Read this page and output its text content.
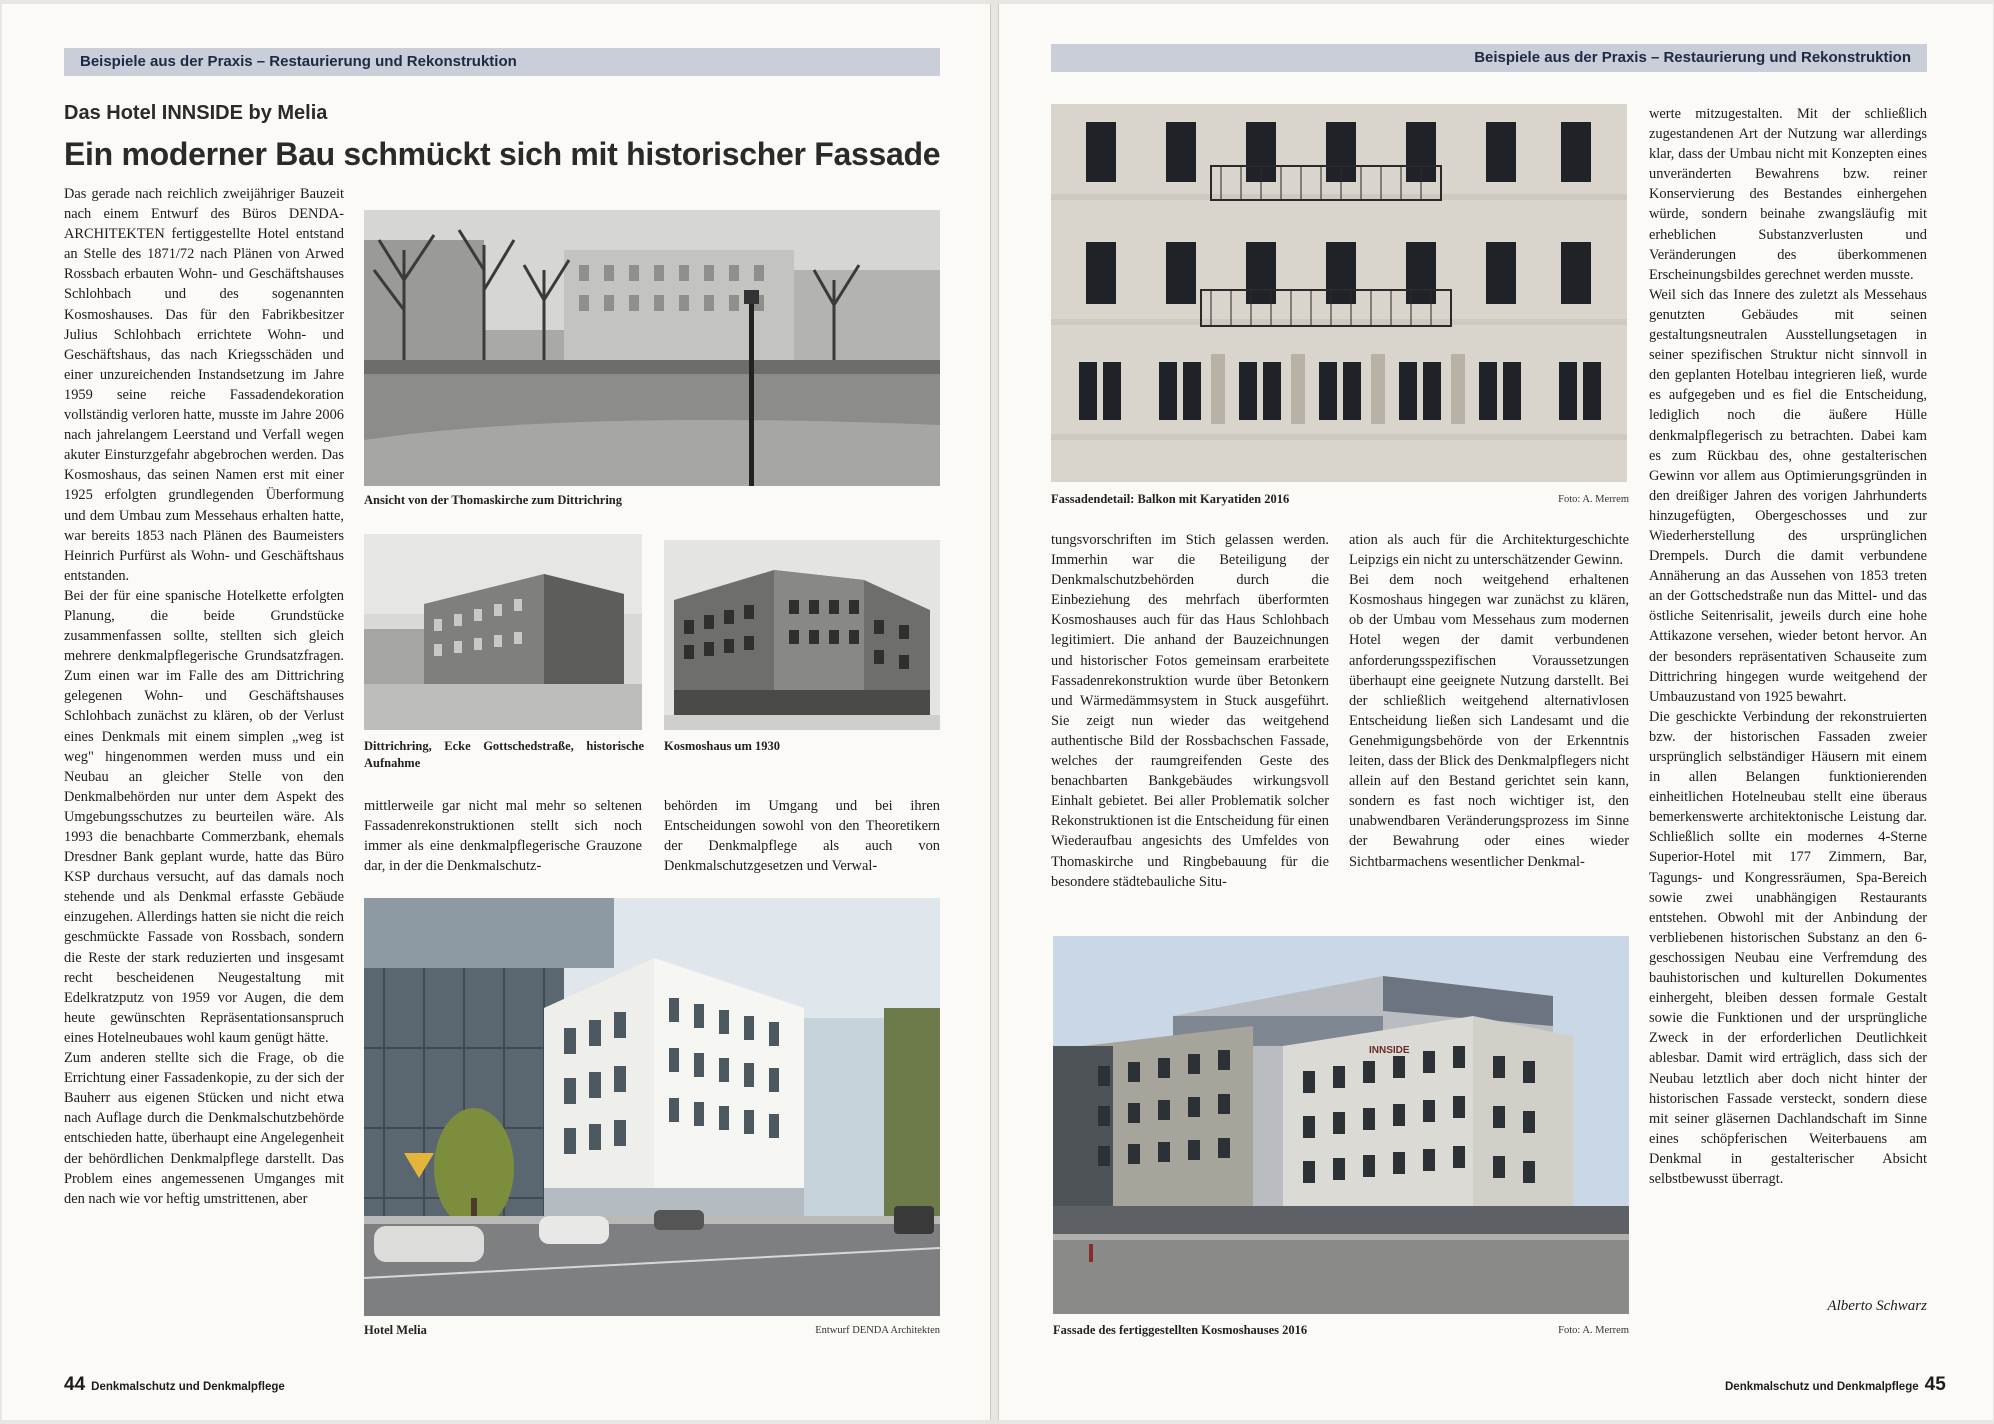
Beispiele aus der Praxis – Restaurierung und Rekonstruktion
Das Hotel INNSIDE by Melia
Ein moderner Bau schmückt sich mit historischer Fassade

Das gerade nach reichlich zweijähriger Bauzeit nach einem Entwurf des Büros DENDA-ARCHITEKTEN fertiggestellte Hotel entstand an Stelle des 1871/72 nach Plänen von Arwed Rossbach erbauten Wohn- und Geschäftshauses Schlohbach und des sogenannten Kosmoshauses. Das für den Fabrikbesitzer Julius Schlohbach errichtete Wohn- und Geschäftshaus, das nach Kriegsschäden und einer unzureichenden Instandsetzung im Jahre 1959 seine reiche Fassadendekoration vollständig verloren hatte, musste im Jahre 2006 nach jahrelangem Leerstand und Verfall wegen akuter Einsturzgefahr abgebrochen werden. Das Kosmoshaus, das seinen Namen erst mit einer 1925 erfolgten grundlegenden Überformung und dem Umbau zum Messehaus erhalten hatte, war bereits 1853 nach Plänen des Baumeisters Heinrich Purfürst als Wohn- und Geschäftshaus entstanden.

Bei der für eine spanische Hotelkette erfolgten Planung, die beide Grundstücke zusammenfassen sollte, stellten sich gleich mehrere denkmalpflegerische Grundsatzfragen. Zum einen war im Falle des am Dittrichring gelegenen Wohn- und Geschäftshauses Schlohbach zunächst zu klären, ob der Verlust eines Denkmals mit einem simplen „weg ist weg" hingenommen werden muss und ein Neubau an gleicher Stelle von den Denkmalbehörden nur unter dem Aspekt des Umgebungsschutzes zu beurteilen wäre. Als 1993 die benachbarte Commerzbank, ehemals Dresdner Bank geplant wurde, hatte das Büro KSP durchaus versucht, auf das damals noch stehende und als Denkmal erfasste Gebäude einzugehen. Allerdings hatten sie nicht die reich geschmückte Fassade von Rossbach, sondern die Reste der stark reduzierten und insgesamt recht bescheidenen Neugestaltung mit Edelkratzputz von 1959 vor Augen, die dem heute gewünschten Repräsentationsanspruch eines Hotelneubaues wohl kaum genügt hätte.

Zum anderen stellte sich die Frage, ob die Errichtung einer Fassadenkopie, zu der sich der Bauherr aus eigenen Stücken und nicht etwa nach Auflage durch die Denkmalschutzbehörde entschieden hatte, überhaupt eine Angelegenheit der behördlichen Denkmalpflege darstellt. Das Problem eines angemessenen Umganges mit den nach wie vor heftig umstrittenen, aber

Ansicht von der Thomaskirche zum Dittrichring
Dittrichring, Ecke Gottschedstraße, historische Aufnahme
Kosmoshaus um 1930

mittlerweile gar nicht mal mehr so seltenen Fassadenrekonstruktionen stellt sich noch immer als eine denkmalpflegerische Grauzone dar, in der die Denkmalschutz-

behörden im Umgang und bei ihren Entscheidungen sowohl von den Theoretikern der Denkmalpflege als auch von Denkmalschutzgesetzen und Verwal-

Hotel Melia	Entwurf DENDA Architekten
44 Denkmalschutz und Denkmalpflege
Beispiele aus der Praxis – Restaurierung und Rekonstruktion
Fassadendetail: Balkon mit Karyatiden 2016	Foto: A. Merrem

tungsvorschriften im Stich gelassen werden. Immerhin war die Beteiligung der Denkmalschutzbehörden durch die Einbeziehung des mehrfach überformten Kosmoshauses auch für das Haus Schlohbach legitimiert. Die anhand der Bauzeichnungen und historischer Fotos gemeinsam erarbeitete Fassadenrekonstruktion wurde über Betonkern und Wärmedämmsystem in Stuck ausgeführt. Sie zeigt nun wieder das weitgehend authentische Bild der Rossbachschen Fassade, welches der raumgreifenden Geste des benachbarten Bankgebäudes wirkungsvoll Einhalt gebietet. Bei aller Problematik solcher Rekonstruktionen ist die Entscheidung für einen Wiederaufbau angesichts des Umfeldes von Thomaskirche und Ringbebauung für die besondere städtebauliche Situ-

ation als auch für die Architekturgeschichte Leipzigs ein nicht zu unterschätzender Gewinn.

Bei dem noch weitgehend erhaltenen Kosmoshaus hingegen war zunächst zu klären, ob der Umbau vom Messehaus zum modernen Hotel wegen der damit verbundenen anforderungsspezifischen Voraussetzungen überhaupt eine geeignete Nutzung darstellt. Bei der schließlich weitgehend alternativlosen Entscheidung ließen sich Landesamt und die Genehmigungsbehörde von der Erkenntnis leiten, dass der Blick des Denkmalpflegers nicht allein auf den Bestand gerichtet sein kann, sondern es fast noch wichtiger ist, den unabwendbaren Veränderungsprozess im Sinne der Bewahrung oder eines wieder Sichtbarmachens wesentlicher Denkmal-

werte mitzugestalten. Mit der schließlich zugestandenen Art der Nutzung war allerdings klar, dass der Umbau nicht mit Konzepten eines unveränderten Bewahrens bzw. reiner Konservierung des Bestandes einhergehen würde, sondern beinahe zwangsläufig mit erheblichen Substanzverlusten und Veränderungen des überkommenen Erscheinungsbildes gerechnet werden musste.

Weil sich das Innere des zuletzt als Messehaus genutzten Gebäudes mit seinen gestaltungsneutralen Ausstellungsetagen in seiner spezifischen Struktur nicht sinnvoll in den geplanten Hotelbau integrieren ließ, wurde es aufgegeben und es fiel die Entscheidung, lediglich noch die äußere Hülle denkmalpflegerisch zu betrachten. Dabei kam es zum Rückbau des, ohne gestalterischen Gewinn vor allem aus Optimierungsgründen in den dreißiger Jahren des vorigen Jahrhunderts hinzugefügten, Obergeschosses und zur Wiederherstellung des ursprünglichen Drempels. Durch die damit verbundene Annäherung an das Aussehen von 1853 treten an der Gottschedstraße nun das Mittel- und das östliche Seitenrisalit, jeweils durch eine hohe Attikazone versehen, wieder betont hervor. An der besonders repräsentativen Schauseite zum Dittrichring hingegen wurde weitgehend der Umbauzustand von 1925 bewahrt.

Die geschickte Verbindung der rekonstruierten bzw. der historischen Fassaden zweier ursprünglich selbständiger Häusern mit einem in allen Belangen funktionierenden einheitlichen Hotelneubau stellt eine überaus bemerkenswerte architektonische Leistung dar. Schließlich sollte ein modernes 4-Sterne Superior-Hotel mit 177 Zimmern, Bar, Tagungs- und Kongressräumen, Spa-Bereich sowie zwei unabhängigen Restaurants entstehen. Obwohl mit der Anbindung der verbliebenen historischen Substanz an den 6-geschossigen Neubau eine Verfremdung des bauhistorischen und kulturellen Dokumentes einhergeht, bleiben dessen formale Gestalt sowie die Funktionen und der ursprüngliche Zweck in der erforderlichen Deutlichkeit ablesbar. Damit wird erträglich, dass sich der Neubau letztlich aber doch nicht hinter der historischen Fassade versteckt, sondern diese mit seiner gläsernen Dachlandschaft im Sinne eines schöpferischen Weiterbauens am Denkmal in gestalterischer Absicht selbstbewusst überragt.

Alberto Schwarz
INNSIDE
Fassade des fertiggestellten Kosmoshauses 2016	Foto: A. Merrem
Denkmalschutz und Denkmalpflege 45
